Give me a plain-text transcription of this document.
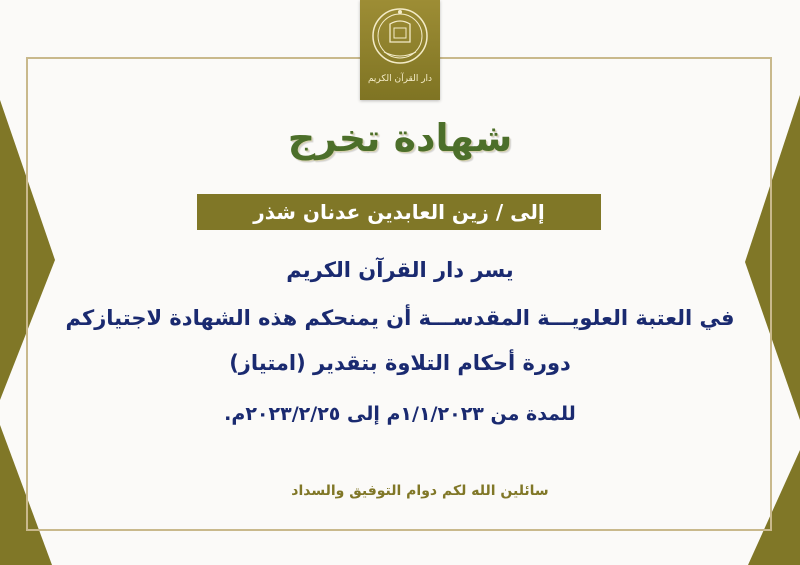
دار القرآن الكريم
شهادة تخرج
إلى / زين العابدين عدنان شذر
يسر دار القرآن الكريم
في العتبة العلويـــة المقدســـة أن يمنحكم هذه الشهادة لاجتيازكم
دورة أحكام التلاوة بتقدير (امتياز)
للمدة من ١/١/٢٠٢٣م إلى ٢٠٢٣/٢/٢٥م.
سائلين الله لكم دوام التوفيق والسداد
